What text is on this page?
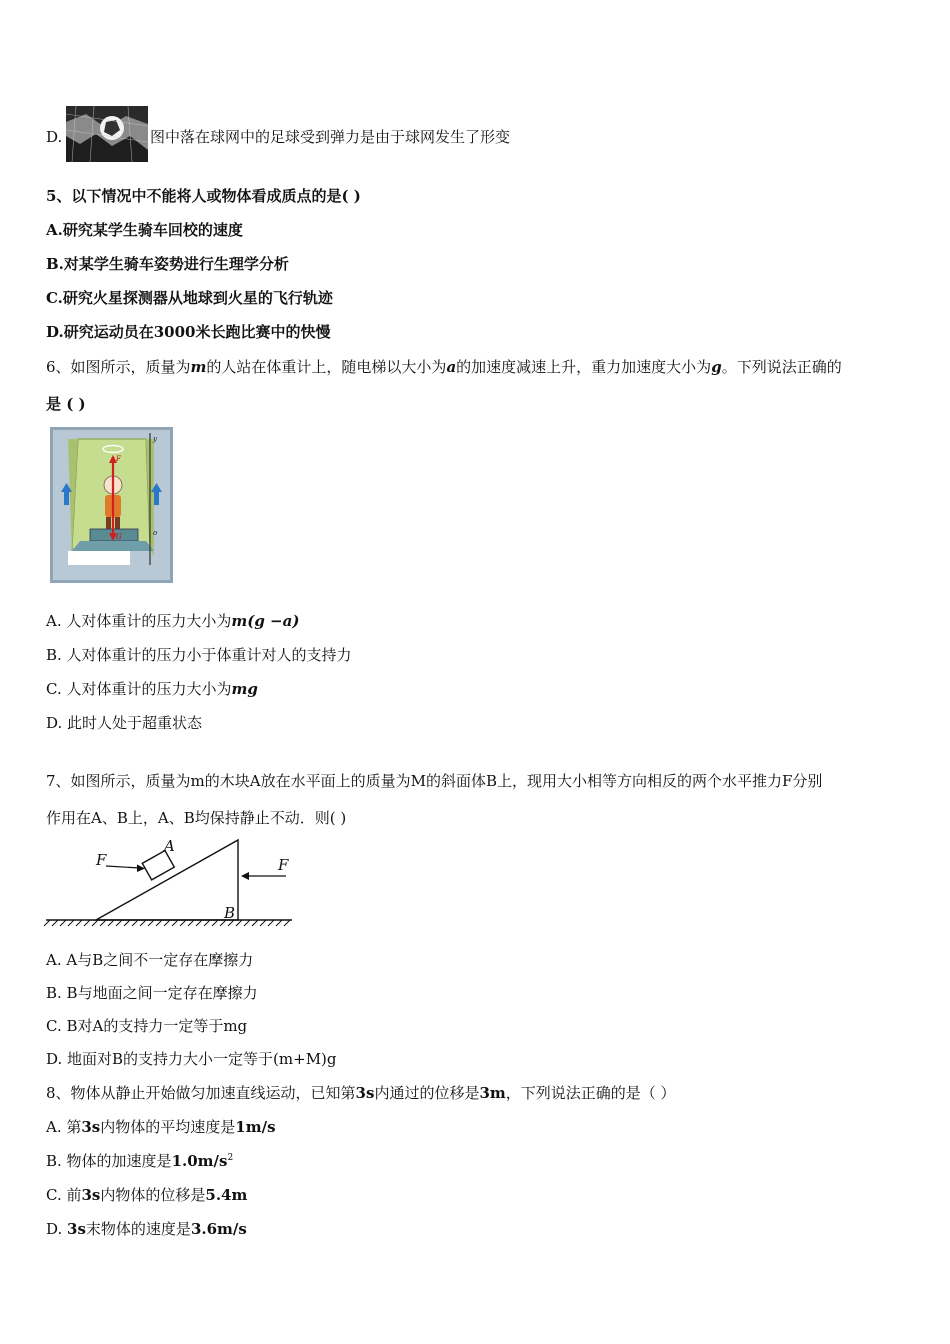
D.	图中落在球网中的足球受到弹力是由于球网发生了形变
5、以下情况中不能将人或物体看成质点的是( )
A.研究某学生骑车回校的速度
B.对某学生骑车姿势进行生理学分析
C.研究火星探测器从地球到火星的飞行轨迹
D.研究运动员在3000米长跑比赛中的快慢
6、如图所示，质量为m的人站在体重计上，随电梯以大小为a的加速度减速上升，重力加速度大小为g。下列说法正确的
是 ( )
F
G
y
o
A. 人对体重计的压力大小为m(g −a)
B. 人对体重计的压力小于体重计对人的支持力
C. 人对体重计的压力大小为mg
D. 此时人处于超重状态
7、如图所示，质量为m的木块A放在水平面上的质量为M的斜面体B上，现用大小相等方向相反的两个水平推力F分别
作用在A、B上，A、B均保持静止不动．则( )
F	F
A
B
A. A与B之间不一定存在摩擦力
B. B与地面之间一定存在摩擦力
C. B对A的支持力一定等于mg
D. 地面对B的支持力大小一定等于(m+M)g
8、物体从静止开始做匀加速直线运动，已知第3s内通过的位移是3m，下列说法正确的是（ ）
A. 第3s内物体的平均速度是1m/s
B. 物体的加速度是$1.0m/s^2$
C. 前3s内物体的位移是5.4m
D. 3s末物体的速度是3.6m/s
